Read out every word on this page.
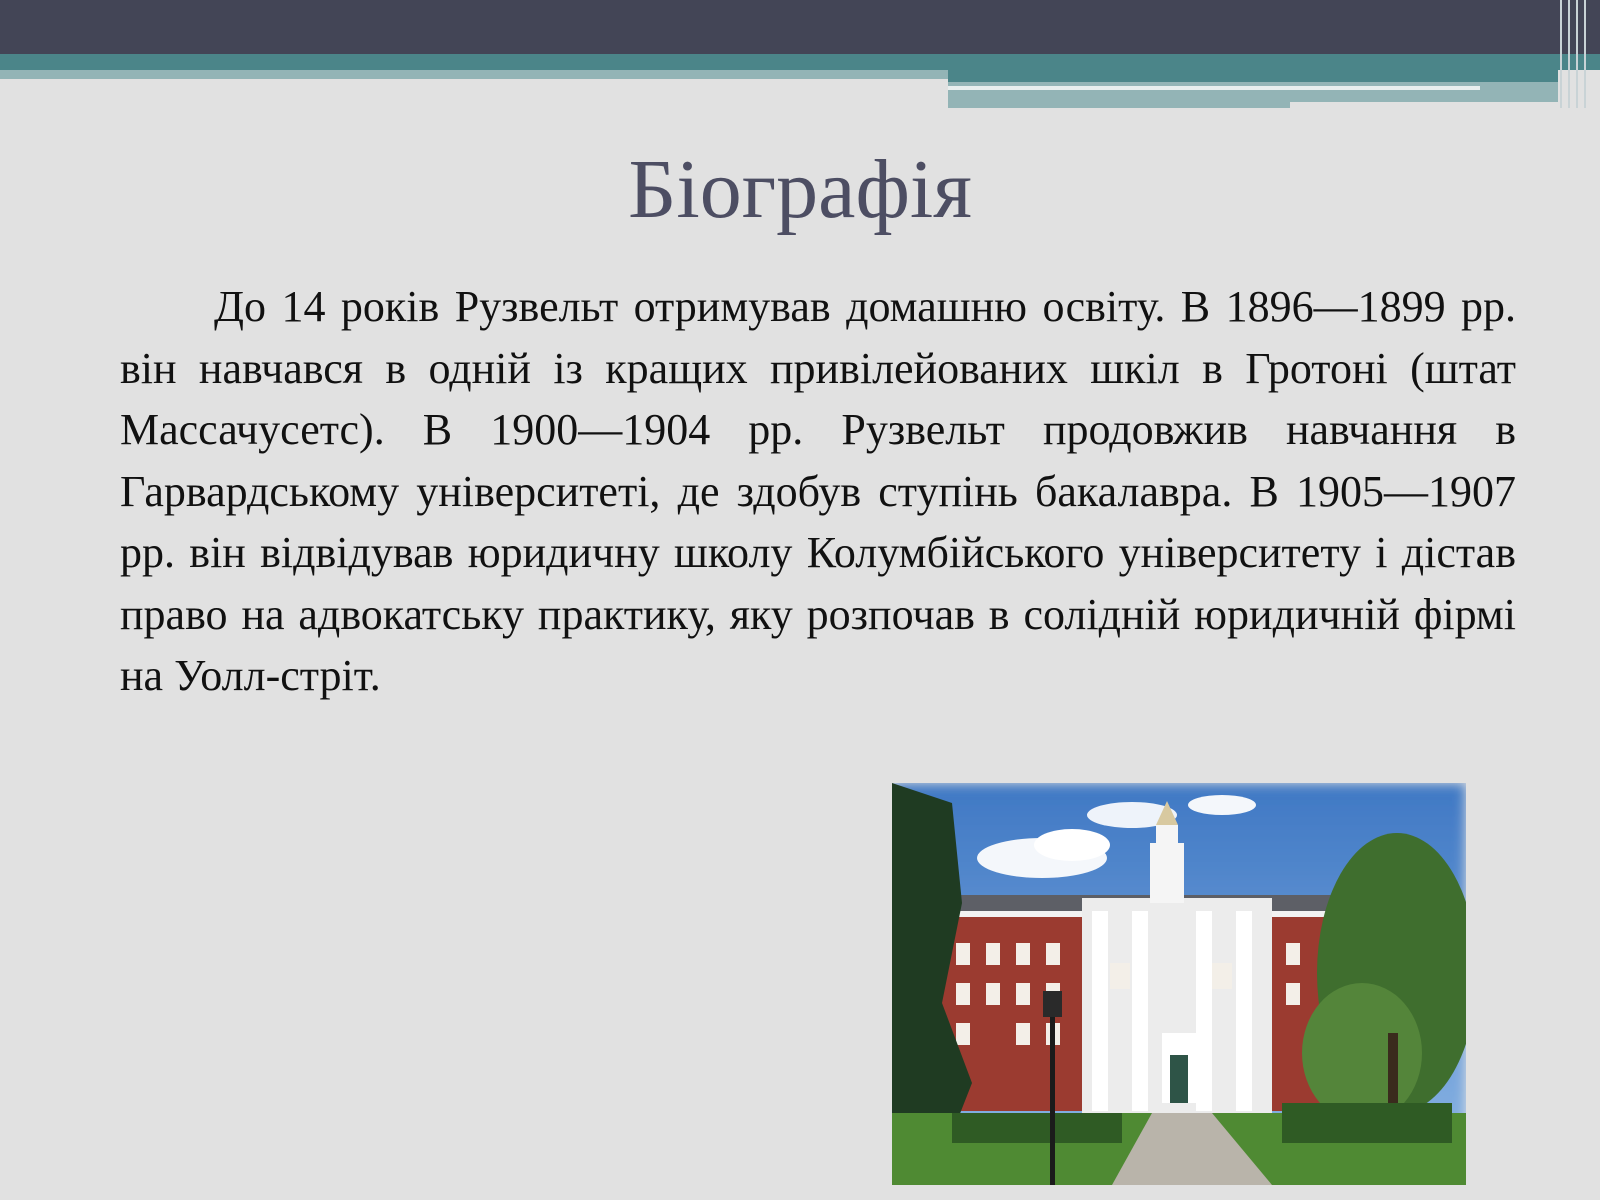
Біографія

До 14 років Рузвельт отримував домашню освіту. В 1896—1899 рр. він навчався в одній із кращих привілейованих шкіл в Гротоні (штат Массачусетс). В 1900—1904 рр. Рузвельт продовжив навчання в Гарвардському університеті, де здобув ступінь бакалавра. В 1905—1907 рр. він відвідував юридичну школу Колумбійського університету і дістав право на адвокатську практику, яку розпочав в солідній юридичній фірмі на Уолл-стріт.
